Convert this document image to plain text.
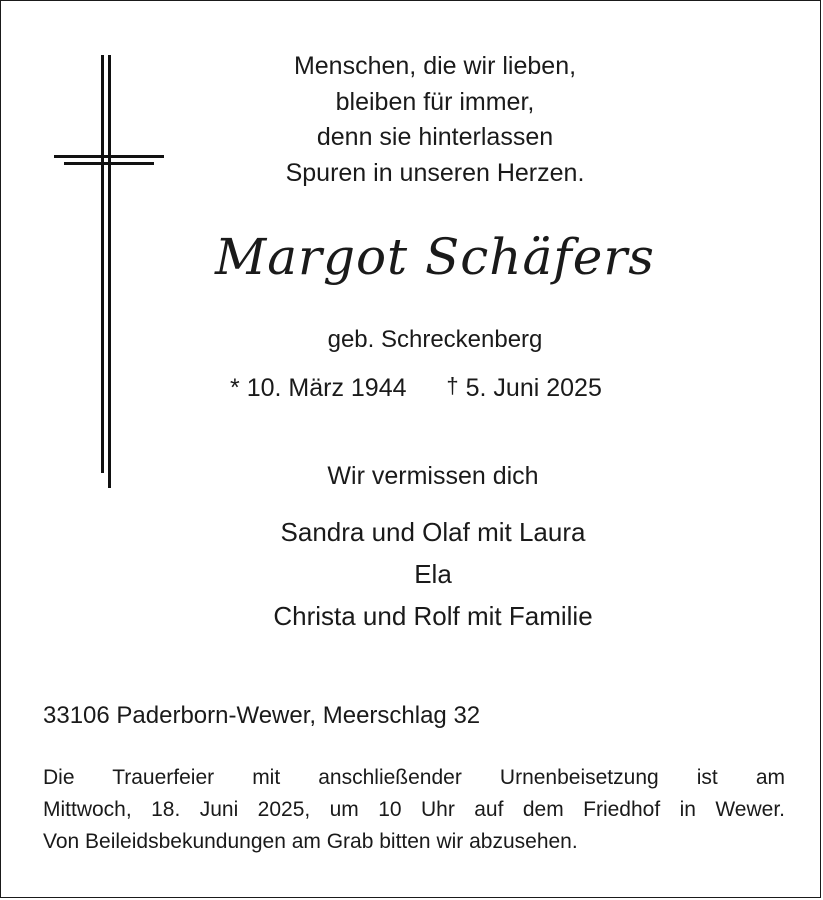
Menschen, die wir lieben,
bleiben für immer,
denn sie hinterlassen
Spuren in unseren Herzen.
Margot Schäfers
geb. Schreckenberg
* 10. März 1944 † 5. Juni 2025
Wir vermissen dich
Sandra und Olaf mit Laura
Ela
Christa und Rolf mit Familie
33106 Paderborn-Wewer, Meerschlag 32
Die Trauerfeier mit anschließender Urnenbeisetzung ist am
Mittwoch, 18. Juni 2025, um 10 Uhr auf dem Friedhof in Wewer.
Von Beileidsbekundungen am Grab bitten wir abzusehen.
